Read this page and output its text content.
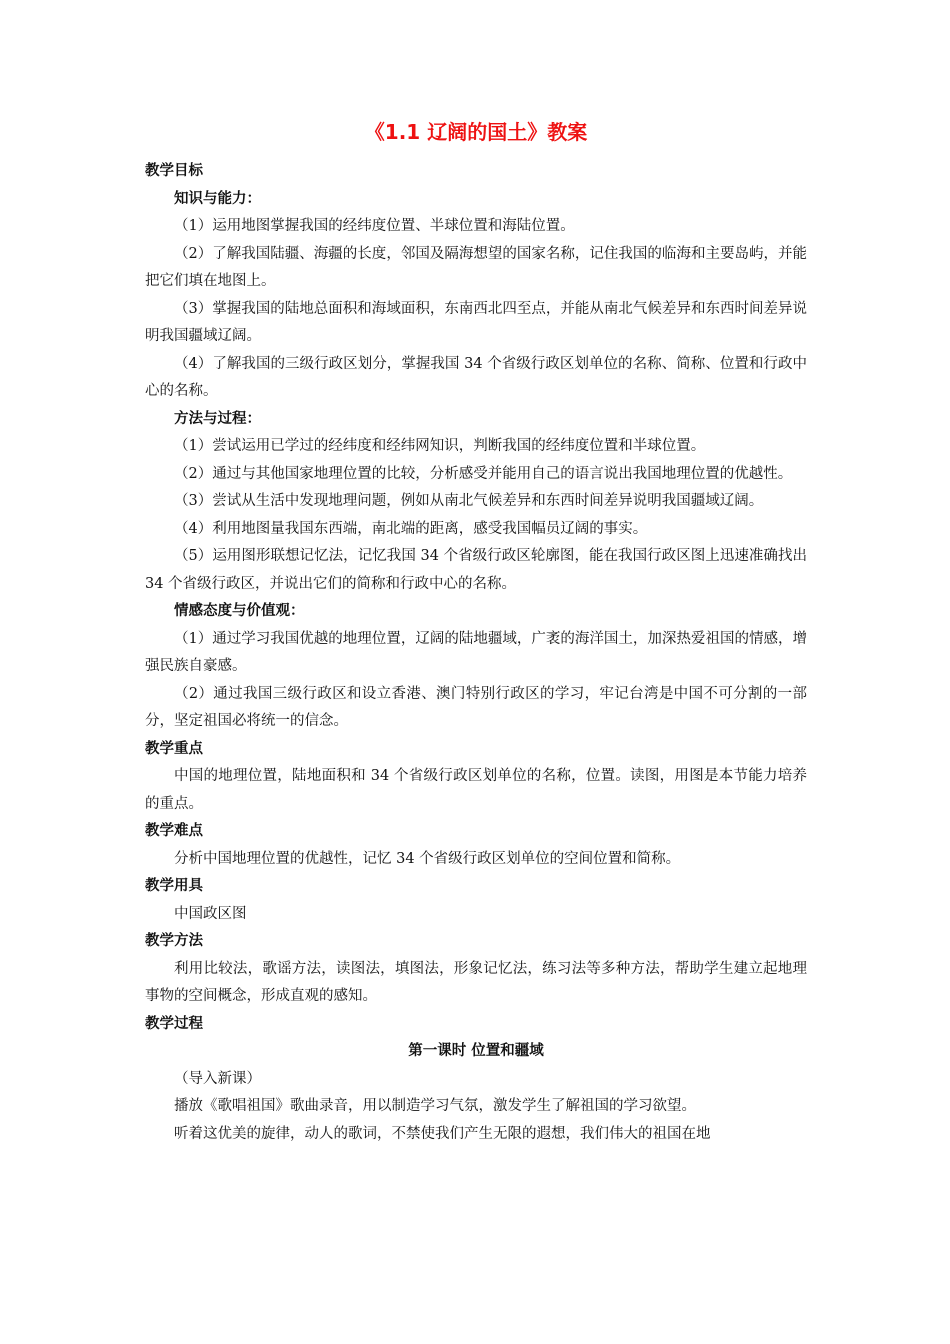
《1.1 辽阔的国土》教案

教学目标

知识与能力：

（1）运用地图掌握我国的经纬度位置、半球位置和海陆位置。

（2）了解我国陆疆、海疆的长度，邻国及隔海想望的国家名称，记住我国的临海和主要岛屿，并能把它们填在地图上。

（3）掌握我国的陆地总面积和海域面积，东南西北四至点，并能从南北气候差异和东西时间差异说明我国疆域辽阔。

（4）了解我国的三级行政区划分，掌握我国 34 个省级行政区划单位的名称、简称、位置和行政中心的名称。

方法与过程：

（1）尝试运用已学过的经纬度和经纬网知识，判断我国的经纬度位置和半球位置。

（2）通过与其他国家地理位置的比较，分析感受并能用自己的语言说出我国地理位置的优越性。

（3）尝试从生活中发现地理问题，例如从南北气候差异和东西时间差异说明我国疆域辽阔。

（4）利用地图量我国东西端，南北端的距离，感受我国幅员辽阔的事实。

（5）运用图形联想记忆法，记忆我国 34 个省级行政区轮廓图，能在我国行政区图上迅速准确找出 34 个省级行政区，并说出它们的简称和行政中心的名称。

情感态度与价值观：

（1）通过学习我国优越的地理位置，辽阔的陆地疆域，广袤的海洋国土，加深热爱祖国的情感，增强民族自豪感。

（2）通过我国三级行政区和设立香港、澳门特别行政区的学习，牢记台湾是中国不可分割的一部分，坚定祖国必将统一的信念。

教学重点

中国的地理位置，陆地面积和 34 个省级行政区划单位的名称，位置。读图，用图是本节能力培养的重点。

教学难点

分析中国地理位置的优越性，记忆 34 个省级行政区划单位的空间位置和简称。

教学用具

中国政区图

教学方法

利用比较法，歌谣方法，读图法，填图法，形象记忆法，练习法等多种方法，帮助学生建立起地理事物的空间概念，形成直观的感知。

教学过程

第一课时 位置和疆域

（导入新课）

播放《歌唱祖国》歌曲录音，用以制造学习气氛，激发学生了解祖国的学习欲望。

听着这优美的旋律，动人的歌词，不禁使我们产生无限的遐想，我们伟大的祖国在地
